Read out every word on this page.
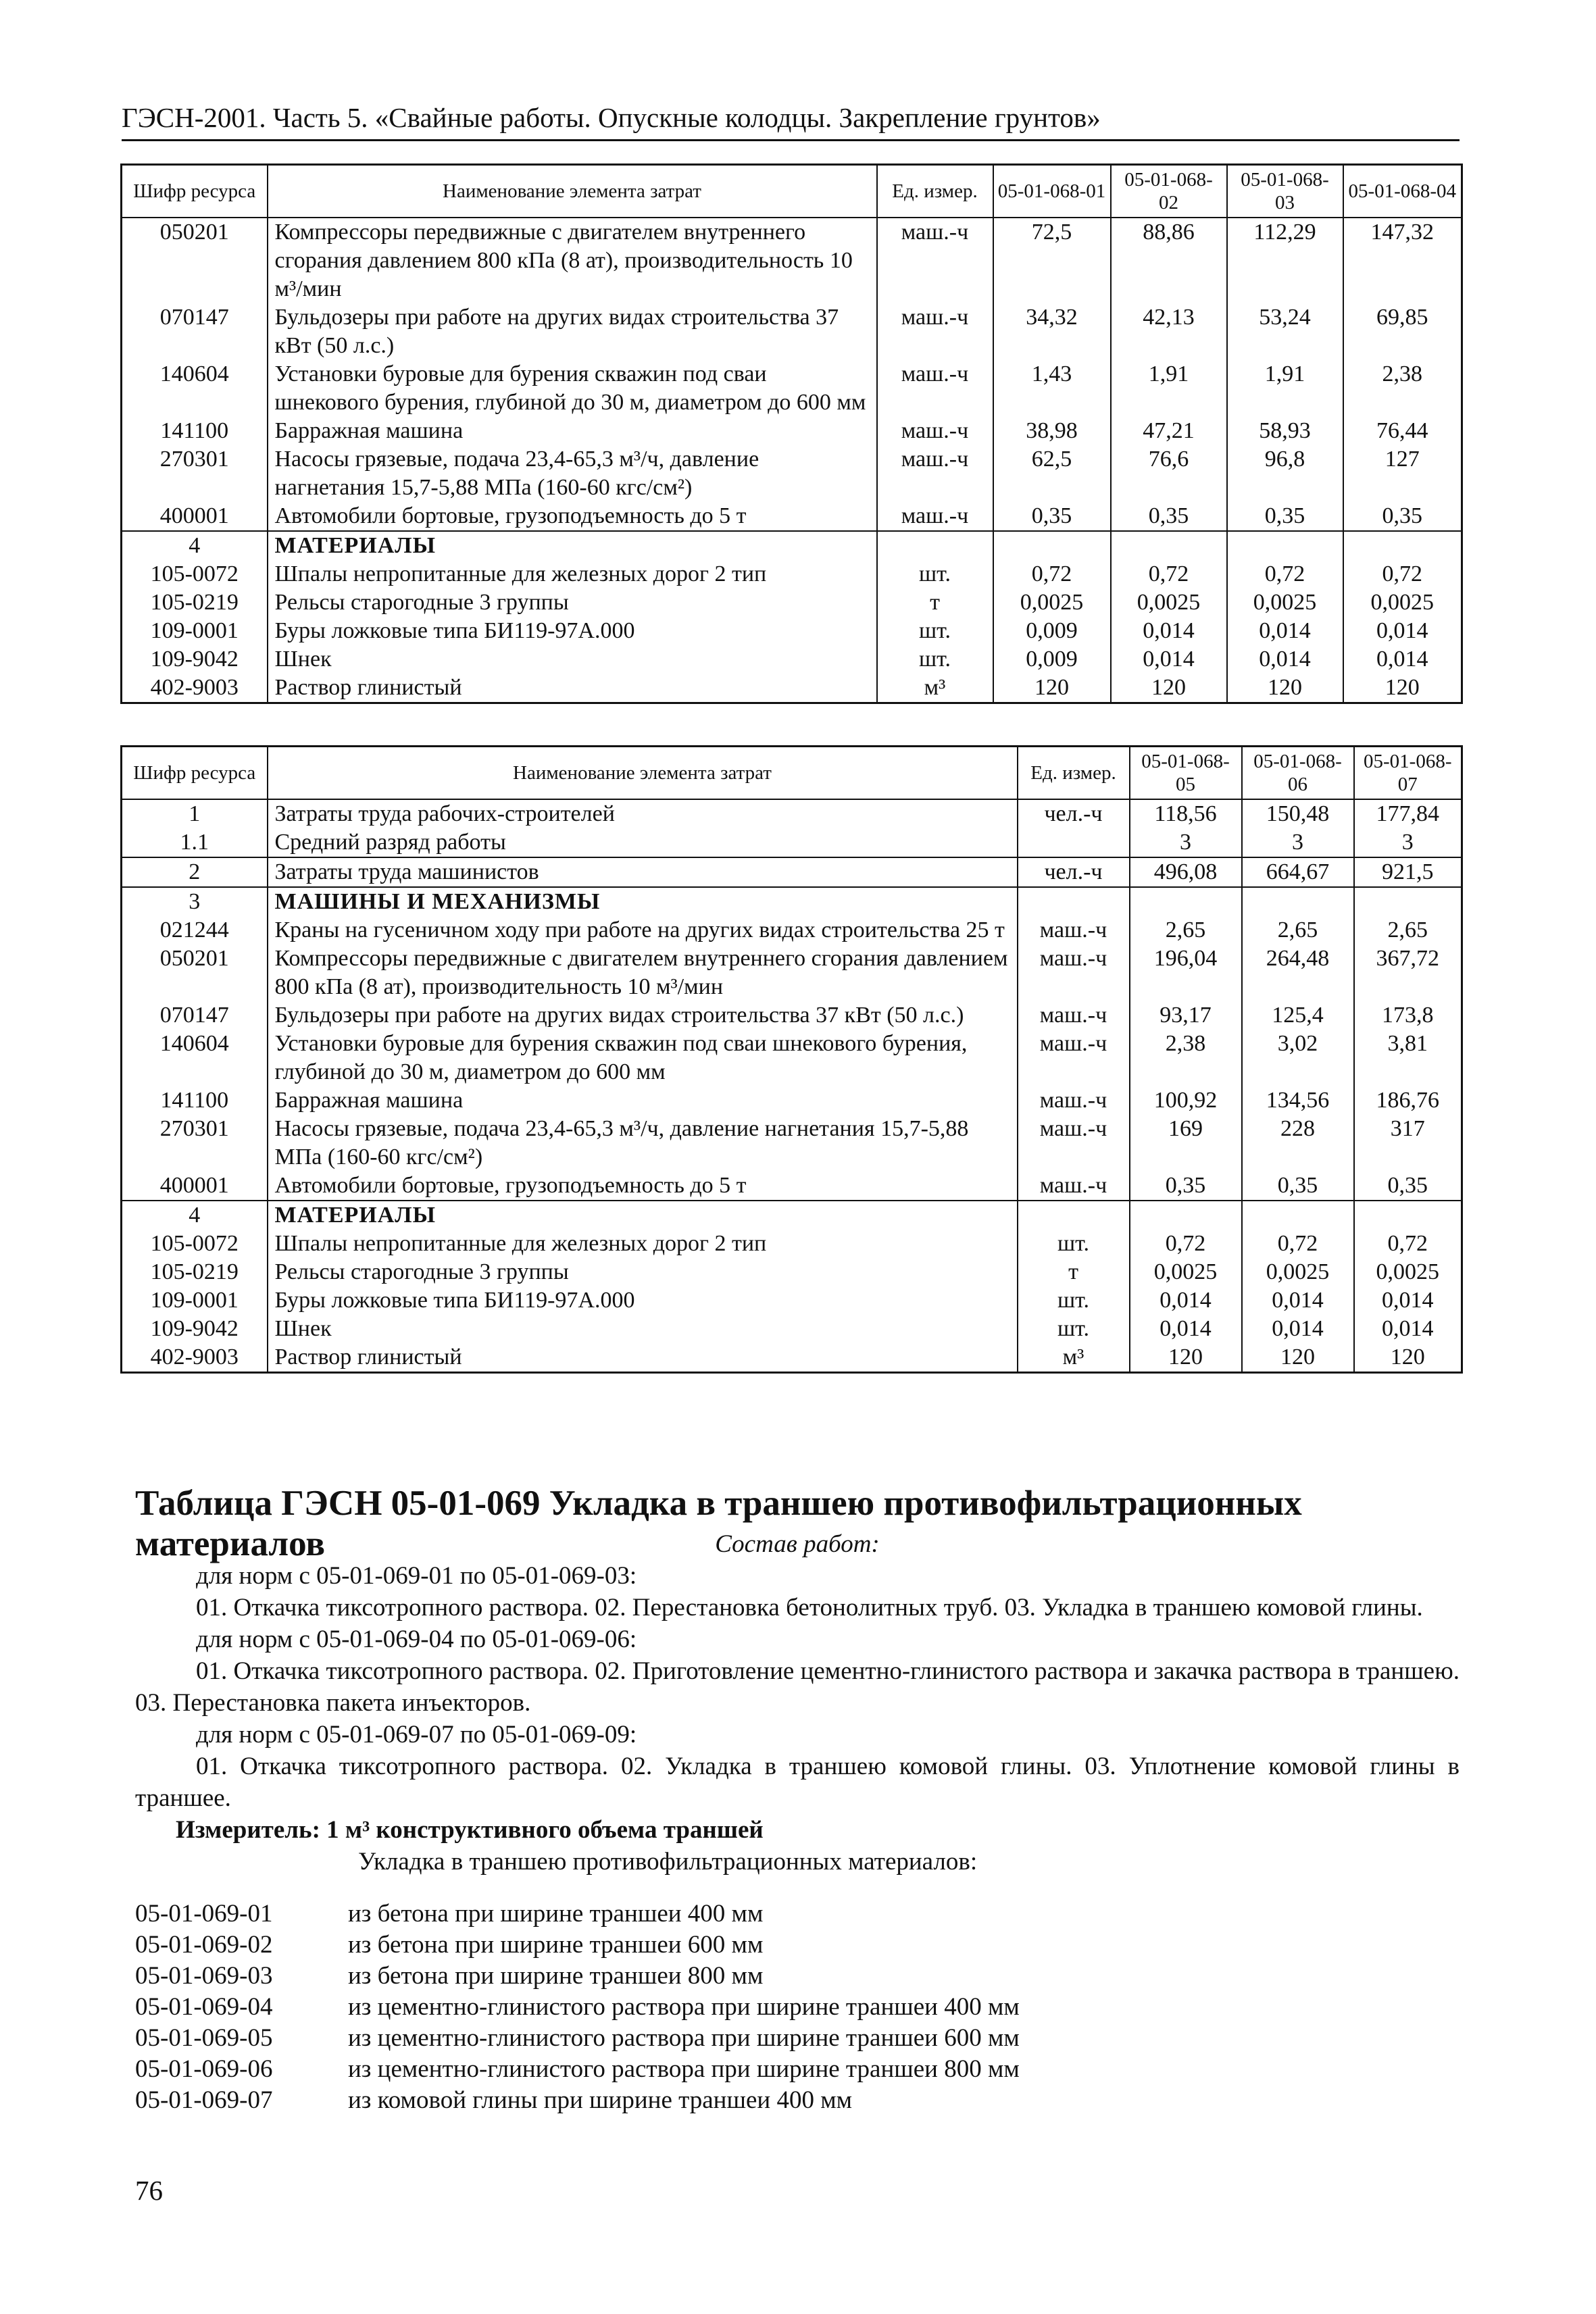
ГЭСН-2001. Часть 5. «Свайные работы. Опускные колодцы. Закрепление грунтов»
Шифр ресурса	Наименование элемента затрат	Ед. измер.	05-01-068-01	05-01-068-02	05-01-068-03	05-01-068-04
050201	Компрессоры передвижные с двигателем внутреннего сгорания давлением 800 кПа (8 ат), производительность 10 м³/мин	маш.-ч	72,5	88,86	112,29	147,32
070147	Бульдозеры при работе на других видах строительства 37 кВт (50 л.с.)	маш.-ч	34,32	42,13	53,24	69,85
140604	Установки буровые для бурения скважин под сваи шнекового бурения, глубиной до 30 м, диаметром до 600 мм	маш.-ч	1,43	1,91	1,91	2,38
141100	Барражная машина	маш.-ч	38,98	47,21	58,93	76,44
270301	Насосы грязевые, подача 23,4-65,3 м³/ч, давление нагнетания 15,7-5,88 МПа (160-60 кгс/см²)	маш.-ч	62,5	76,6	96,8	127
400001	Автомобили бортовые, грузоподъемность до 5 т	маш.-ч	0,35	0,35	0,35	0,35
4	МАТЕРИАЛЫ					
105-0072	Шпалы непропитанные для железных дорог 2 тип	шт.	0,72	0,72	0,72	0,72
105-0219	Рельсы старогодные 3 группы	т	0,0025	0,0025	0,0025	0,0025
109-0001	Буры ложковые типа БИ119-97А.000	шт.	0,009	0,014	0,014	0,014
109-9042	Шнек	шт.	0,009	0,014	0,014	0,014
402-9003	Раствор глинистый	м³	120	120	120	120
Шифр ресурса	Наименование элемента затрат	Ед. измер.	05-01-068-05	05-01-068-06	05-01-068-07
1	Затраты труда рабочих-строителей	чел.-ч	118,56	150,48	177,84
1.1	Средний разряд работы		3	3	3
2	Затраты труда машинистов	чел.-ч	496,08	664,67	921,5
3	МАШИНЫ И МЕХАНИЗМЫ				
021244	Краны на гусеничном ходу при работе на других видах строительства 25 т	маш.-ч	2,65	2,65	2,65
050201	Компрессоры передвижные с двигателем внутреннего сгорания давлением 800 кПа (8 ат), производительность 10 м³/мин	маш.-ч	196,04	264,48	367,72
070147	Бульдозеры при работе на других видах строительства 37 кВт (50 л.с.)	маш.-ч	93,17	125,4	173,8
140604	Установки буровые для бурения скважин под сваи шнекового бурения, глубиной до 30 м, диаметром до 600 мм	маш.-ч	2,38	3,02	3,81
141100	Барражная машина	маш.-ч	100,92	134,56	186,76
270301	Насосы грязевые, подача 23,4-65,3 м³/ч, давление нагнетания 15,7-5,88 МПа (160-60 кгс/см²)	маш.-ч	169	228	317
400001	Автомобили бортовые, грузоподъемность до 5 т	маш.-ч	0,35	0,35	0,35
4	МАТЕРИАЛЫ				
105-0072	Шпалы непропитанные для железных дорог 2 тип	шт.	0,72	0,72	0,72
105-0219	Рельсы старогодные 3 группы	т	0,0025	0,0025	0,0025
109-0001	Буры ложковые типа БИ119-97А.000	шт.	0,014	0,014	0,014
109-9042	Шнек	шт.	0,014	0,014	0,014
402-9003	Раствор глинистый	м³	120	120	120
Таблица ГЭСН 05-01-069 Укладка в траншею противофильтрационных материалов	Состав работ:

для норм с 05-01-069-01 по 05-01-069-03:

01. Откачка тиксотропного раствора. 02. Перестановка бетонолитных труб. 03. Укладка в траншею комовой глины.

для норм с 05-01-069-04 по 05-01-069-06:

01. Откачка тиксотропного раствора. 02. Приготовление цементно-глинистого раствора и закачка раствора в траншею. 03. Перестановка пакета инъекторов.

для норм с 05-01-069-07 по 05-01-069-09:

01. Откачка тиксотропного раствора. 02. Укладка в траншею комовой глины. 03. Уплотнение комовой глины в траншее.

Измеритель: 1 м³ конструктивного объема траншей

Укладка в траншею противофильтрационных материалов:

05-01-069-01	из бетона при ширине траншеи 400 мм
05-01-069-02	из бетона при ширине траншеи 600 мм
05-01-069-03	из бетона при ширине траншеи 800 мм
05-01-069-04	из цементно-глинистого раствора при ширине траншеи 400 мм
05-01-069-05	из цементно-глинистого раствора при ширине траншеи 600 мм
05-01-069-06	из цементно-глинистого раствора при ширине траншеи 800 мм
05-01-069-07	из комовой глины при ширине траншеи 400 мм
76
